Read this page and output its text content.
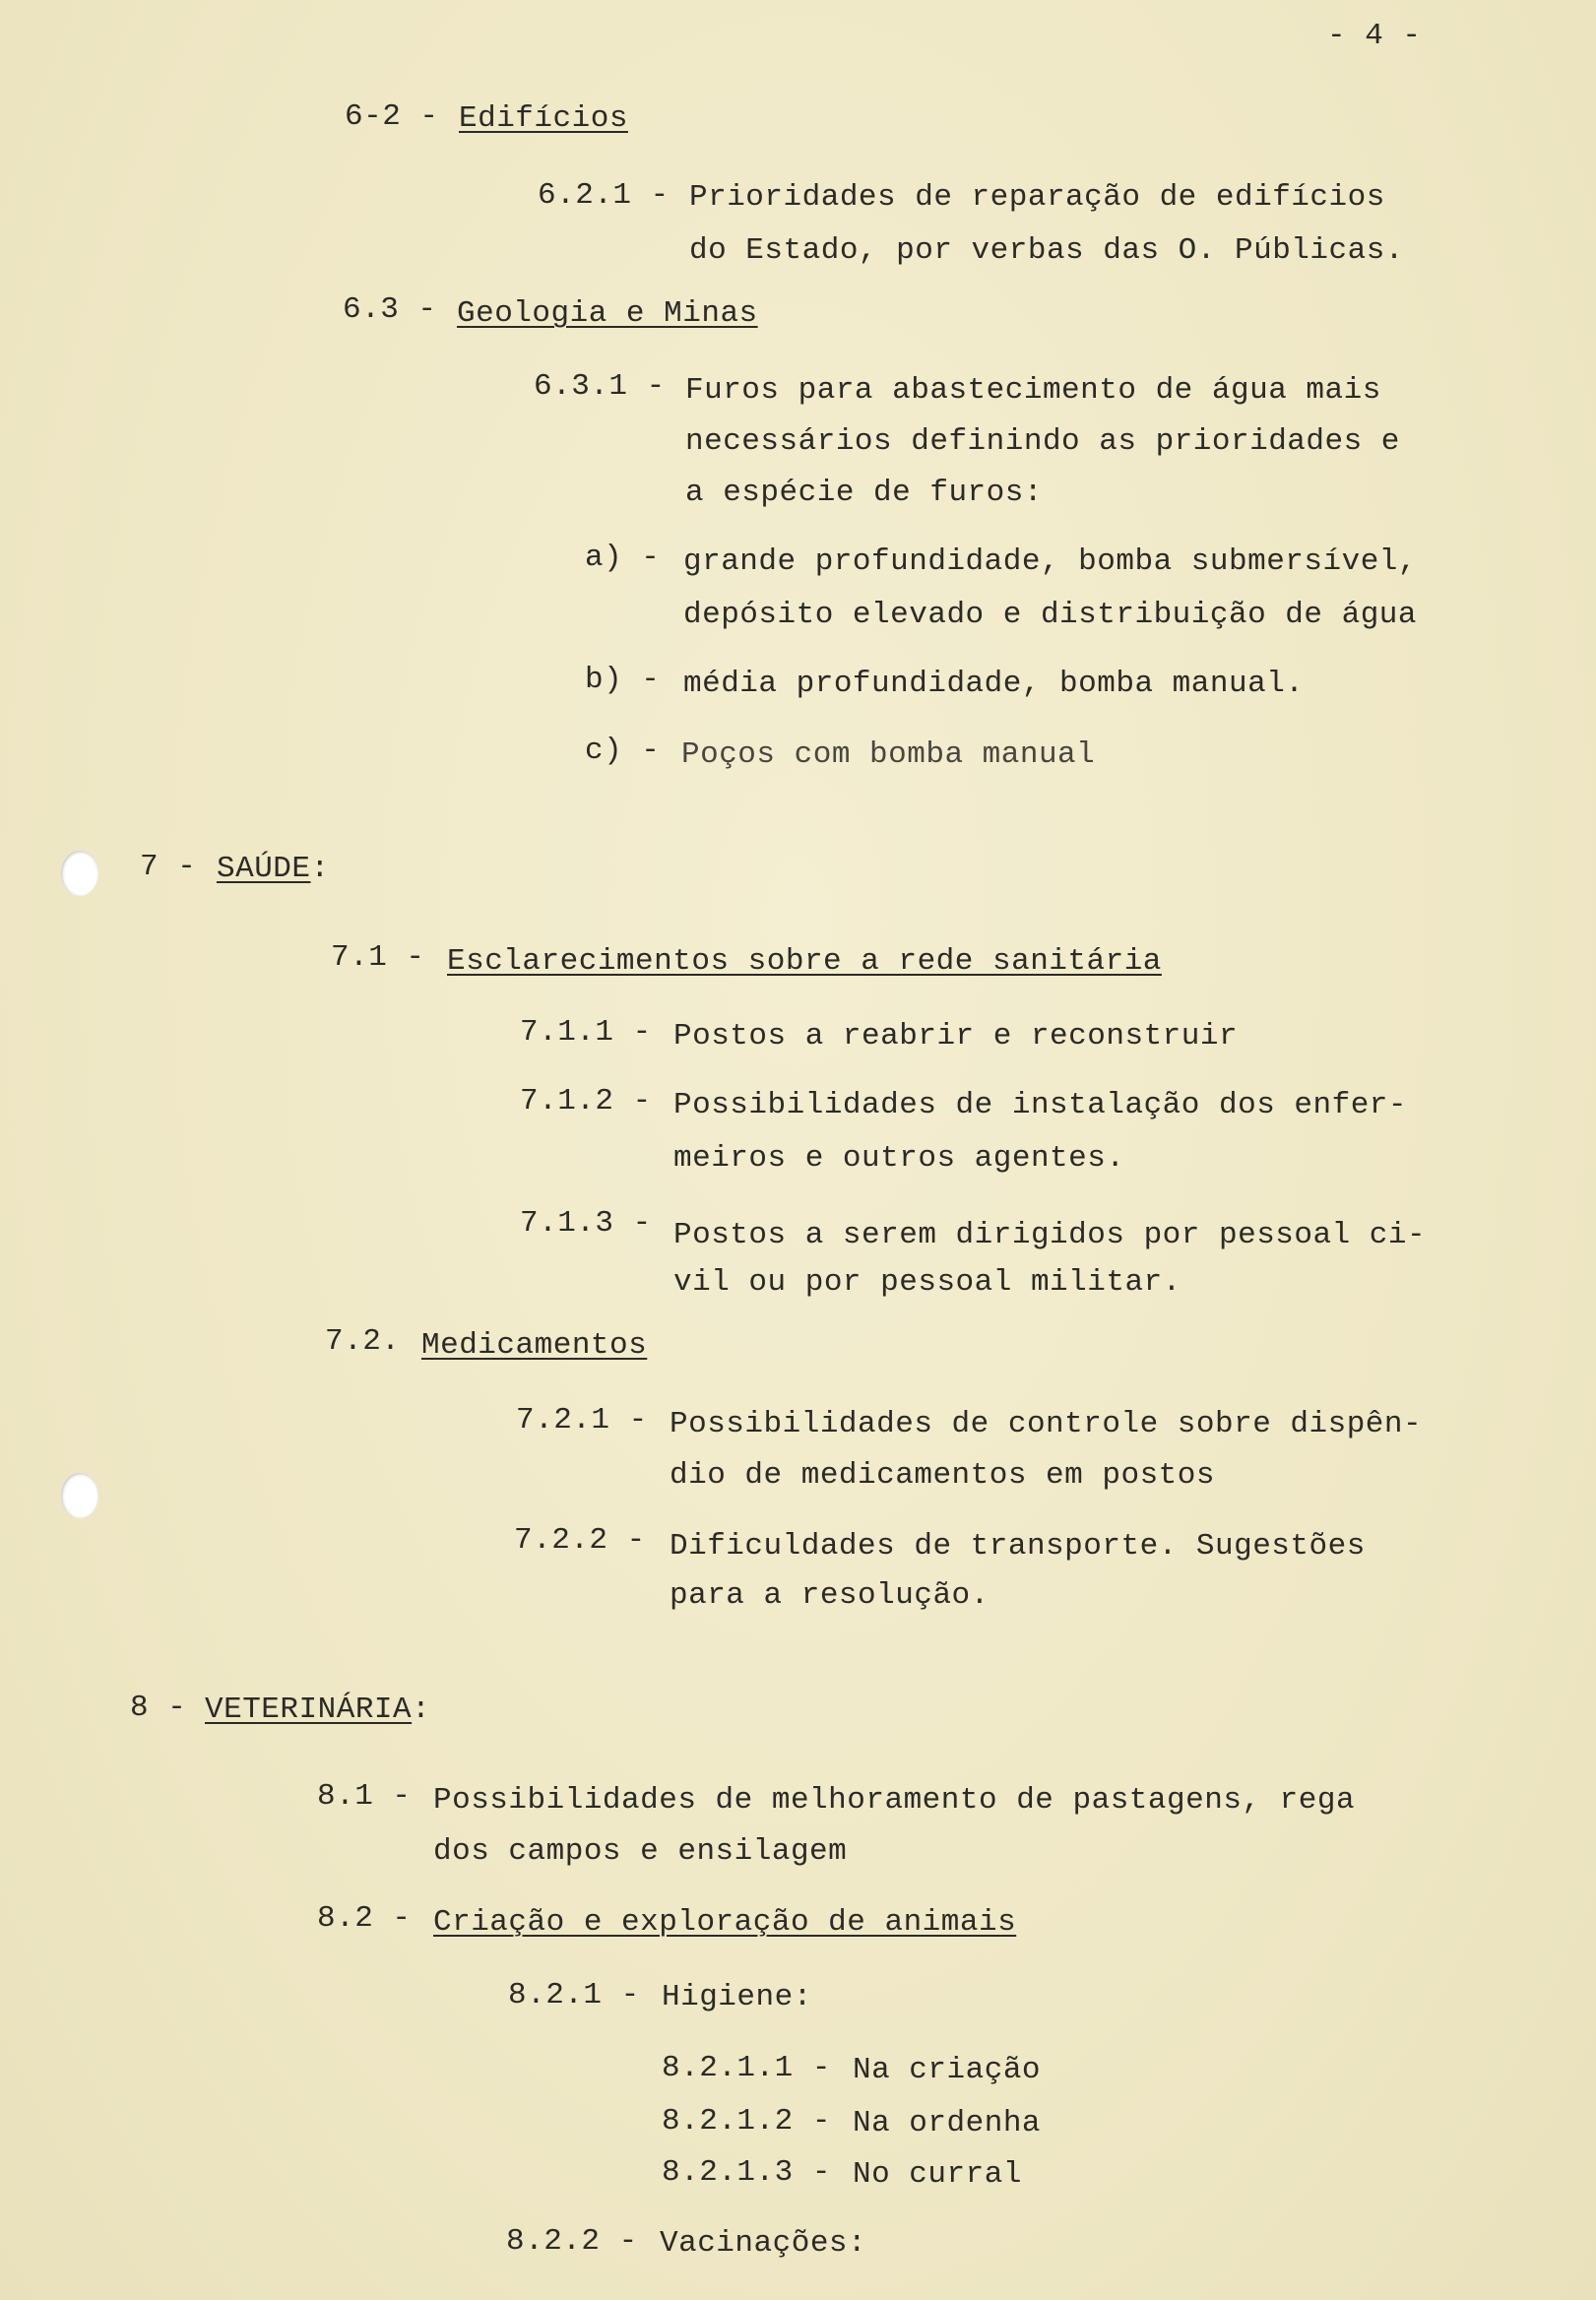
- 4 -
6-2 - Edifícios
6.2.1 - Prioridades de reparação de edifícios
do Estado, por verbas das O. Públicas.
6.3 - Geologia e Minas
6.3.1 - Furos para abastecimento de água mais
necessários definindo as prioridades e
a espécie de furos:
a) - grande profundidade, bomba submersível,
depósito elevado e distribuição de água
b) - média profundidade, bomba manual.
c) - Poços com bomba manual
7 - SAÚDE:
7.1 - Esclarecimentos sobre a rede sanitária
7.1.1 - Postos a reabrir e reconstruir
7.1.2 - Possibilidades de instalação dos enfer-
meiros e outros agentes.
7.1.3 - Postos a serem dirigidos por pessoal ci-
vil ou por pessoal militar.
7.2. Medicamentos
7.2.1 - Possibilidades de controle sobre dispên-
dio de medicamentos em postos
7.2.2 - Dificuldades de transporte. Sugestões
para a resolução.
8 - VETERINÁRIA:
8.1 - Possibilidades de melhoramento de pastagens, rega
dos campos e ensilagem
8.2 - Criação e exploração de animais
8.2.1 - Higiene:
8.2.1.1 - Na criação
8.2.1.2 - Na ordenha
8.2.1.3 - No curral
8.2.2 - Vacinações:
